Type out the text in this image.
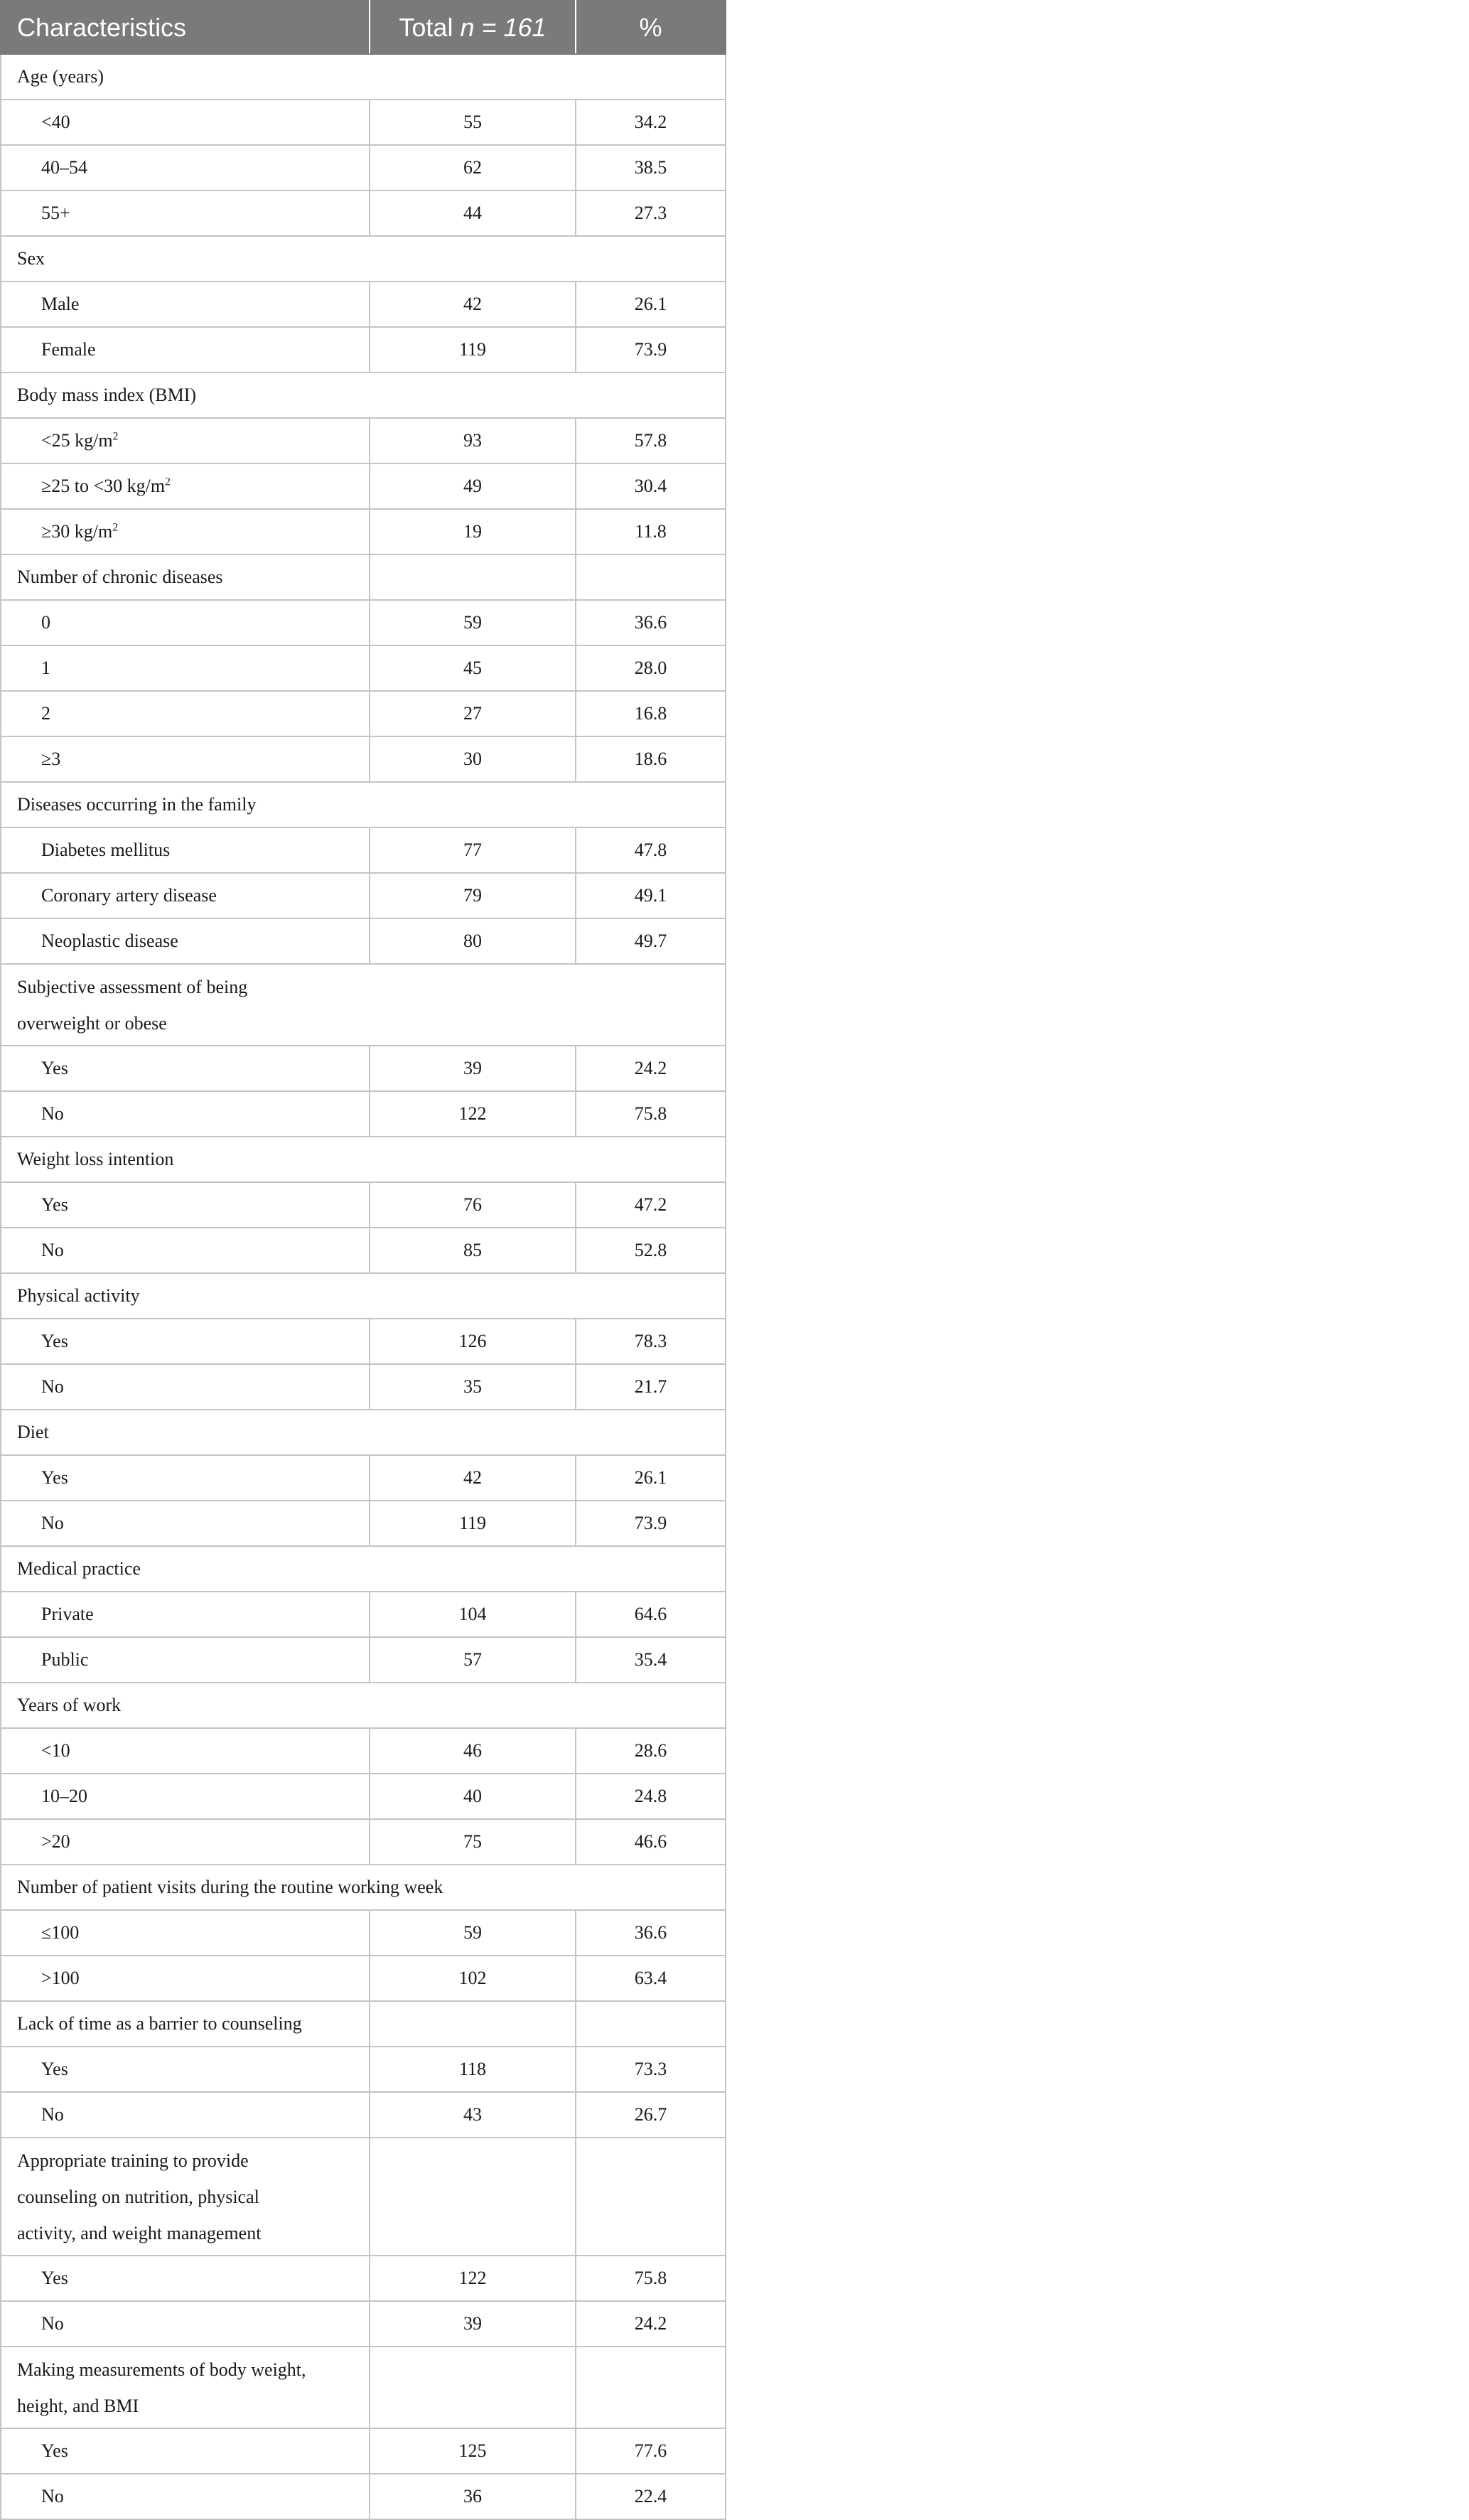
Characteristics	Total n = 161	%
Age (years)		
<40	55	34.2
40–54	62	38.5
55+	44	27.3
Sex		
Male	42	26.1
Female	119	73.9
Body mass index (BMI)		
<25 $kg/m^2$	93	57.8
≥25 to <30 $kg/m^2$	49	30.4
≥30 $kg/m^2$	19	11.8
Number of chronic diseases		
0	59	36.6
1	45	28.0
2	27	16.8
≥3	30	18.6
Diseases occurring in the family		
Diabetes mellitus	77	47.8
Coronary artery disease	79	49.1
Neoplastic disease	80	49.7

Subjective assessment of being
overweight or obese		

Yes	39	24.2
No	122	75.8
Weight loss intention		
Yes	76	47.2
No	85	52.8
Physical activity		
Yes	126	78.3
No	35	21.7
Diet		
Yes	42	26.1
No	119	73.9
Medical practice		
Private	104	64.6
Public	57	35.4
Years of work		
<10	46	28.6
10–20	40	24.8
>20	75	46.6
Number of patient visits during the routine working week		
≤100	59	36.6
>100	102	63.4
Lack of time as a barrier to counseling		
Yes	118	73.3
No	43	26.7

Appropriate training to provide
counseling on nutrition, physical
activity, and weight management		

Yes	122	75.8
No	39	24.2

Making measurements of body weight,
height, and BMI		

Yes	125	77.6
No	36	22.4
